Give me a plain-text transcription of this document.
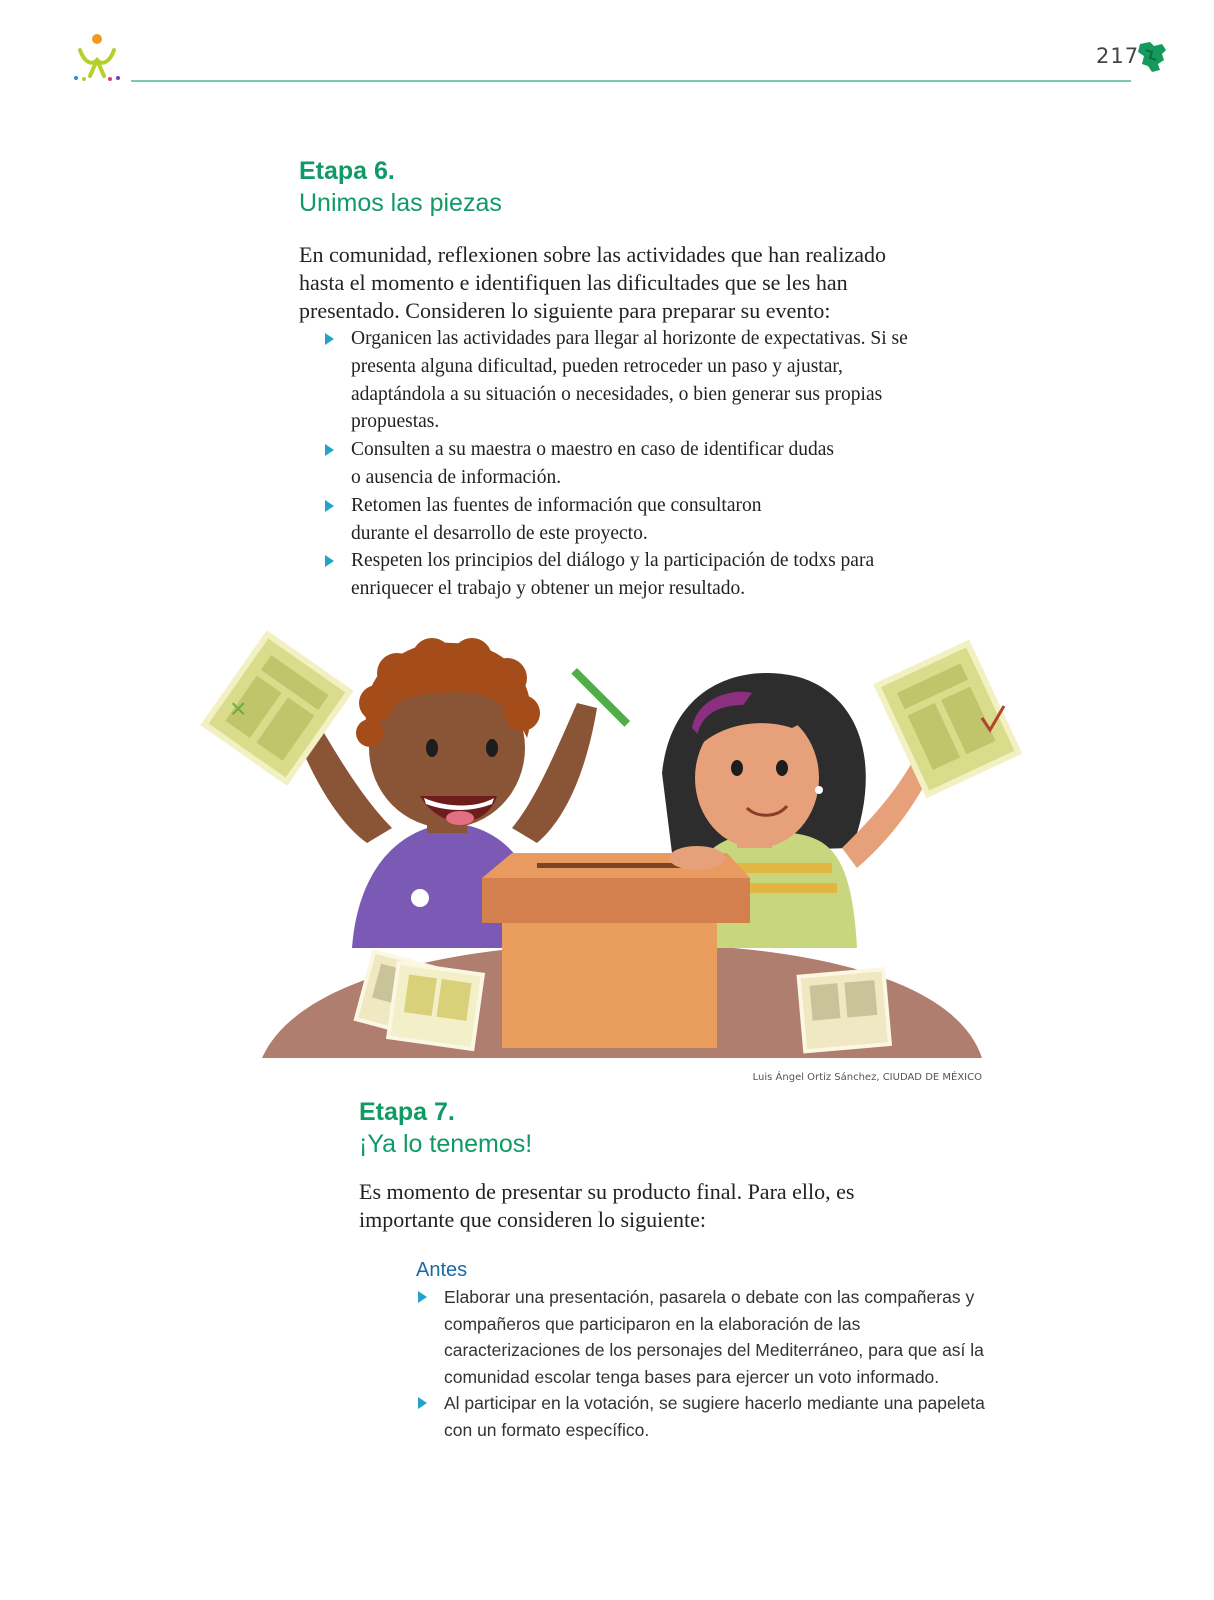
217
Etapa 6.
Unimos las piezas
En comunidad, reflexionen sobre las actividades que han realizado hasta el momento e identifiquen las dificultades que se les han presentado. Consideren lo siguiente para preparar su evento:
Organicen las actividades para llegar al horizonte de expectativas. Si se presenta alguna dificultad, pueden retroceder un paso y ajustar, adaptándola a su situación o necesidades, o bien generar sus propias propuestas.
Consulten a su maestra o maestro en caso de identificar dudas o ausencia de información.
Retomen las fuentes de información que consultaron durante el desarrollo de este proyecto.
Respeten los principios del diálogo y la participación de todxs para enriquecer el trabajo y obtener un mejor resultado.
×
Luis Ángel Ortiz Sánchez, CIUDAD DE MÉXICO
Etapa 7.
¡Ya lo tenemos!
Es momento de presentar su producto final. Para ello, es importante que consideren lo siguiente:
Antes
Elaborar una presentación, pasarela o debate con las compañeras y compañeros que participaron en la elaboración de las caracterizaciones de los personajes del Mediterráneo, para que así la comunidad escolar tenga bases para ejercer un voto informado.
Al participar en la votación, se sugiere hacerlo mediante una papeleta con un formato específico.
